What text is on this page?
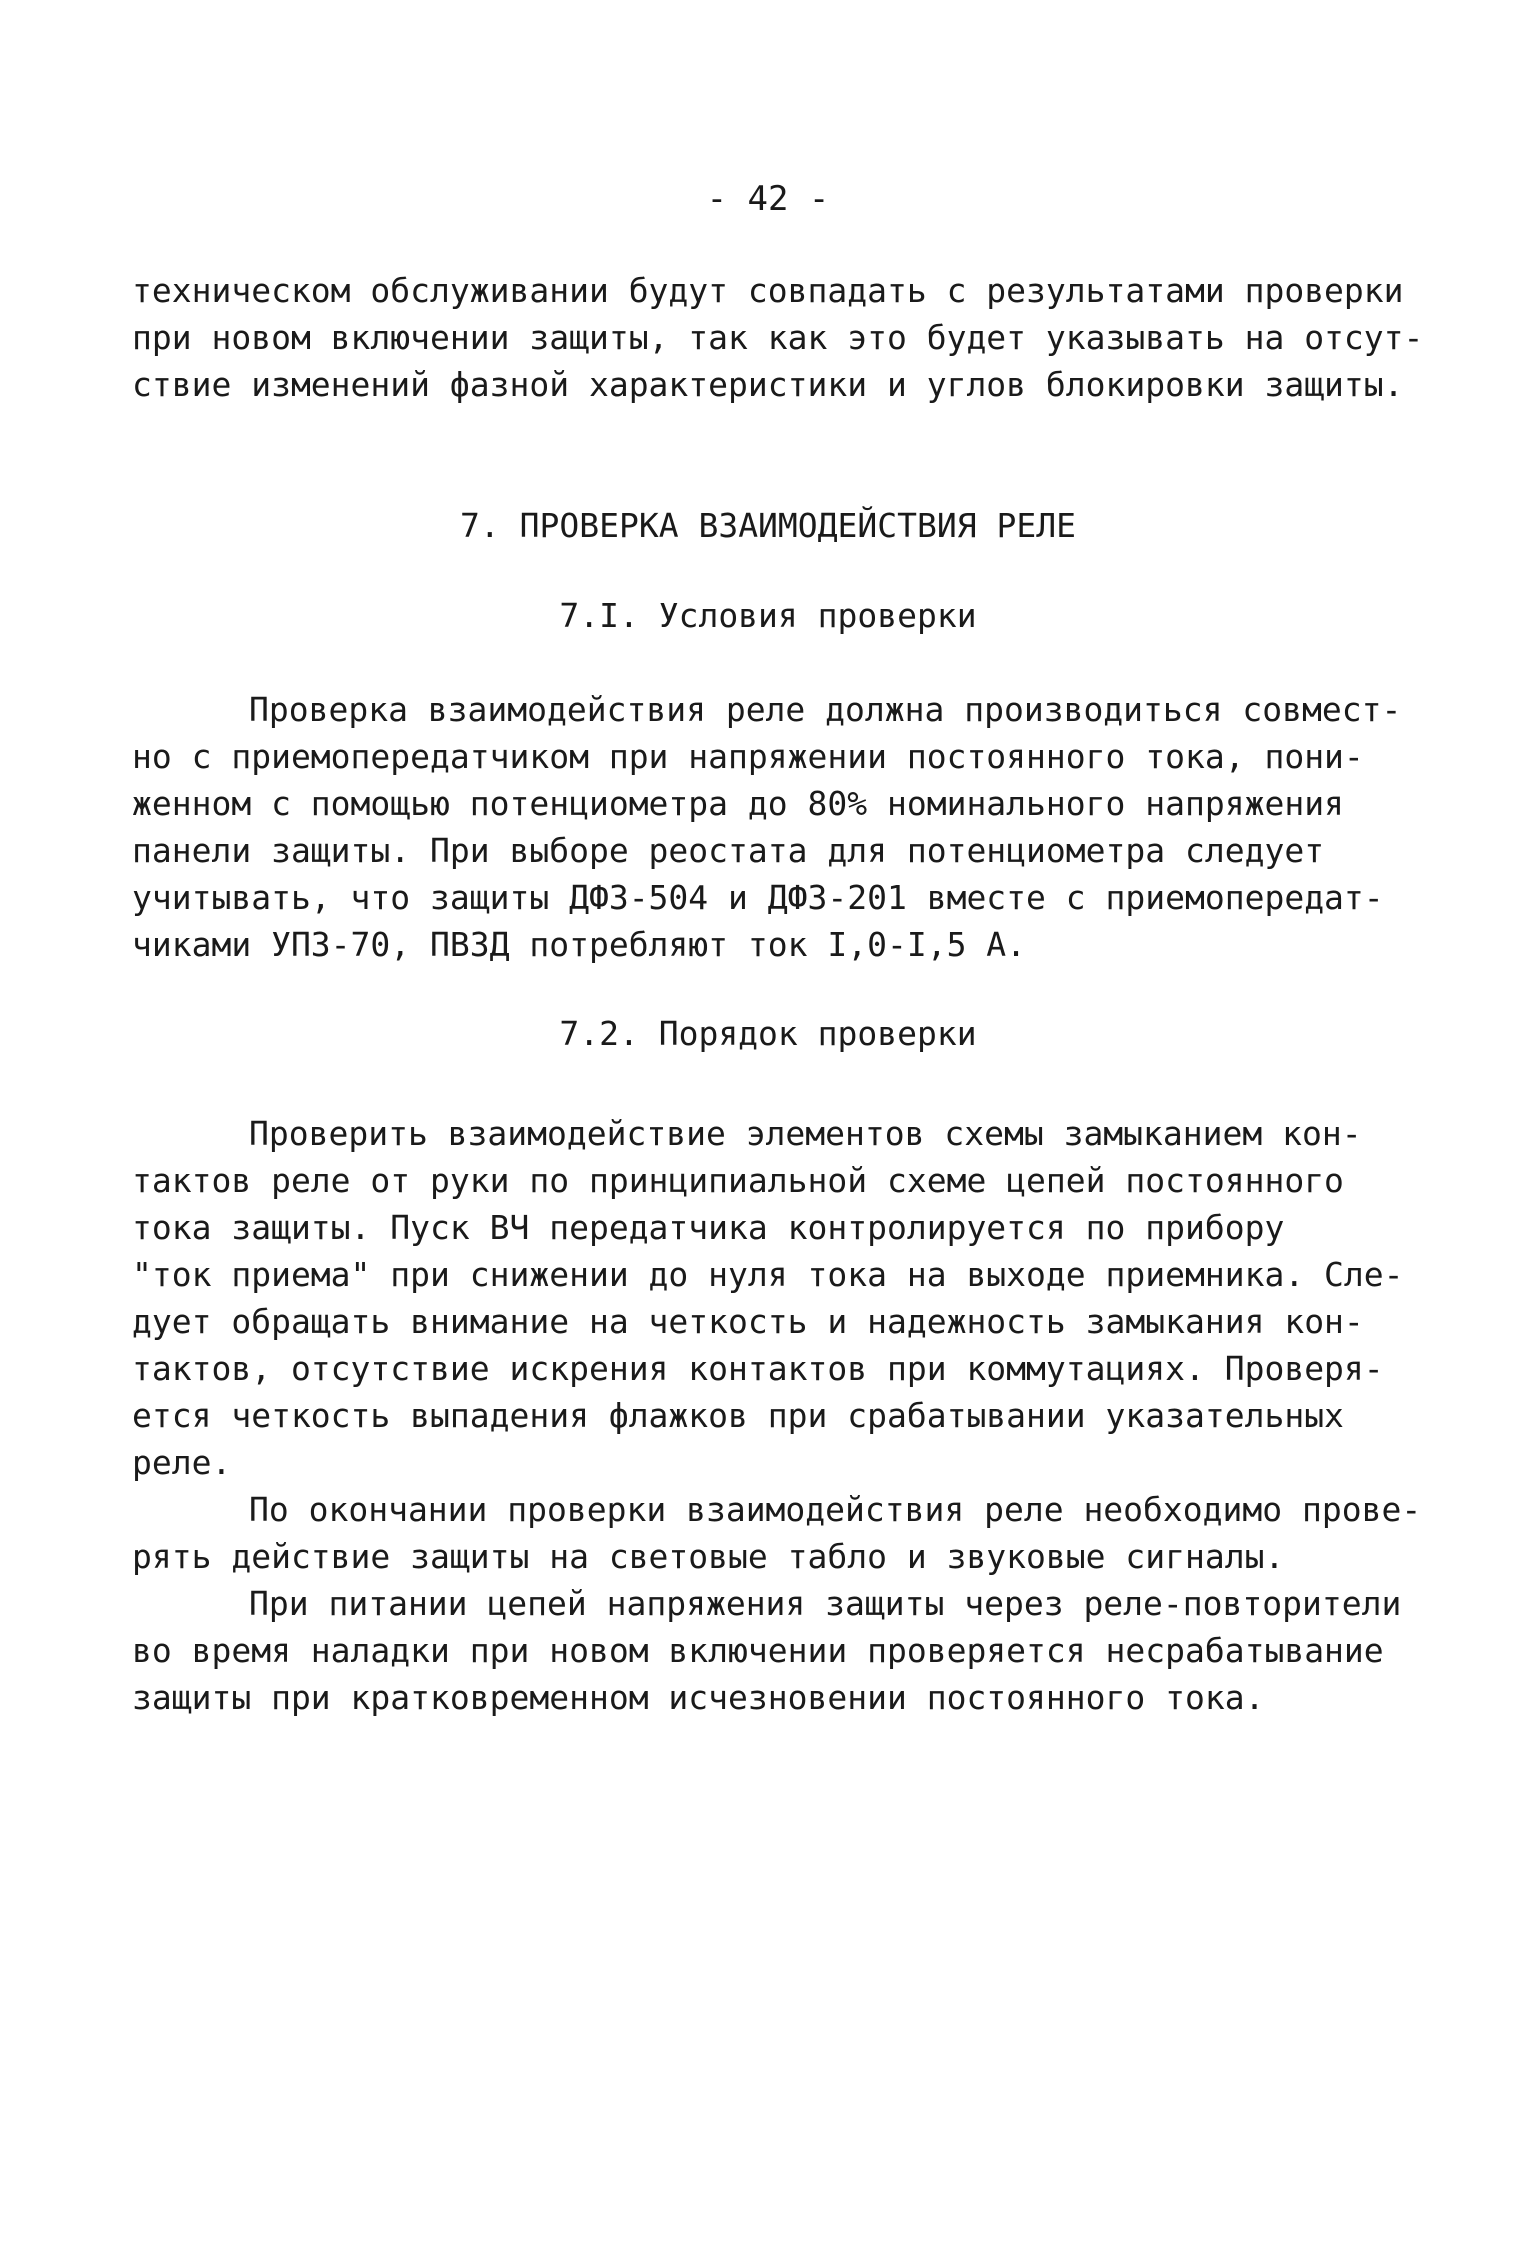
- 42 -
техническом обслуживании будут совпадать с результатами проверки
при новом включении защиты, так как это будет указывать на отсут-
ствие изменений фазной характеристики и углов блокировки защиты.
7. ПРОВЕРКА ВЗАИМОДЕЙСТВИЯ РЕЛЕ
7.I. Условия проверки
Проверка взаимодействия реле должна производиться совмест-
но с приемопередатчиком при напряжении постоянного тока, пони-
женном с помощью потенциометра до 80% номинального напряжения
панели защиты. При выборе реостата для потенциометра следует
учитывать, что защиты ДФЗ-504 и ДФЗ-201 вместе с приемопередат-
чиками УПЗ-70, ПВЗД потребляют ток I,0-I,5 А.
7.2. Порядок проверки
Проверить взаимодействие элементов схемы замыканием кон-
тактов реле от руки по принципиальной схеме цепей постоянного
тока защиты. Пуск ВЧ передатчика контролируется по прибору
"ток приема" при снижении до нуля тока на выходе приемника. Сле-
дует обращать внимание на четкость и надежность замыкания кон-
тактов, отсутствие искрения контактов при коммутациях. Проверя-
ется четкость выпадения флажков при срабатывании указательных
реле.
По окончании проверки взаимодействия реле необходимо прове-
рять действие защиты на световые табло и звуковые сигналы.
При питании цепей напряжения защиты через реле-повторители
во время наладки при новом включении проверяется несрабатывание
защиты при кратковременном исчезновении постоянного тока.
